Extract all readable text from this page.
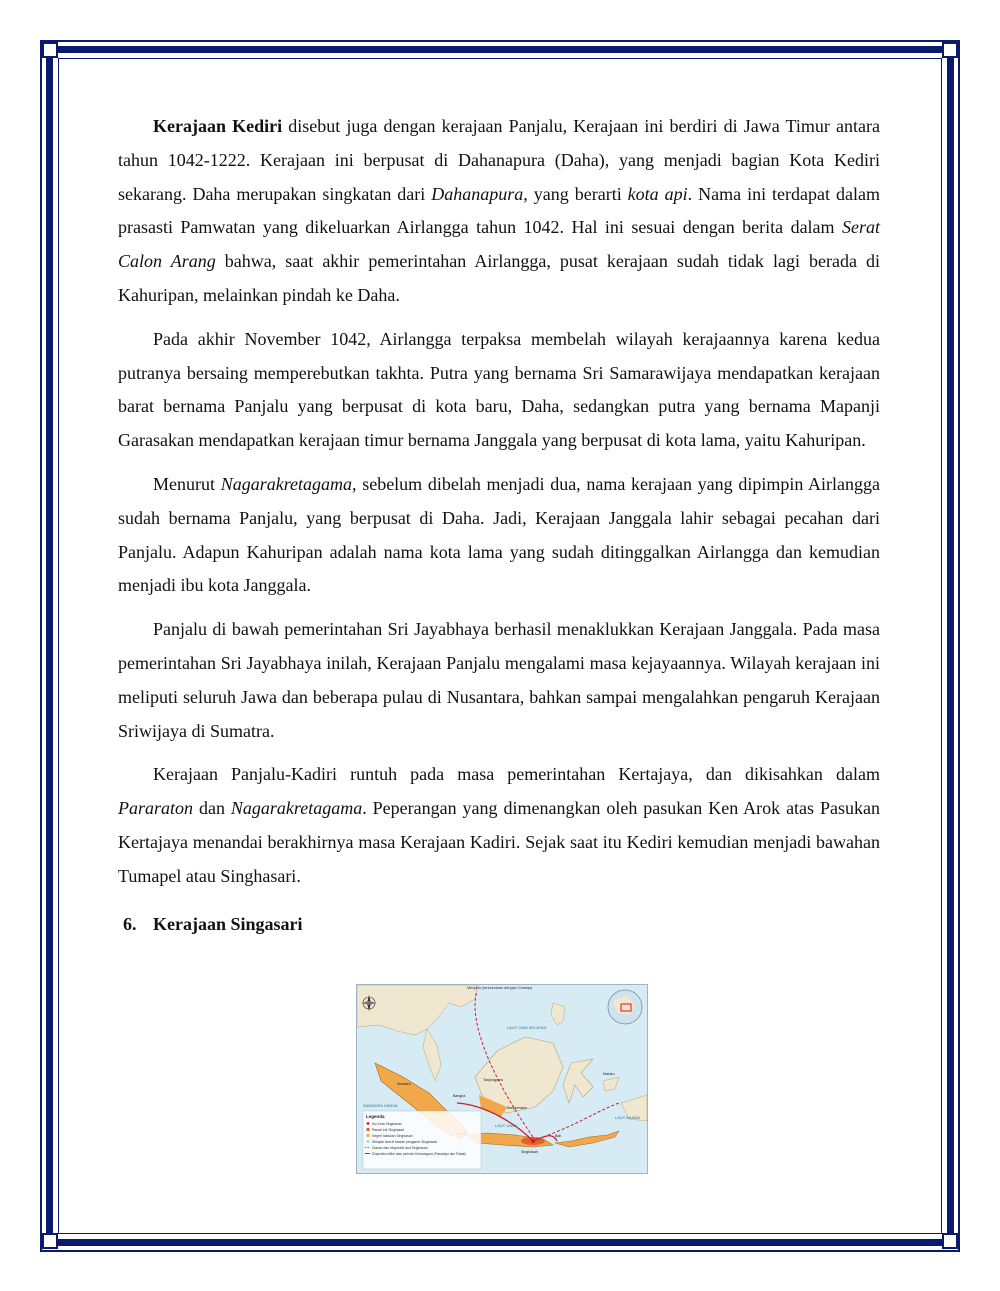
Kerajaan Kediri disebut juga dengan kerajaan Panjalu, Kerajaan ini berdiri di Jawa Timur antara tahun 1042-1222. Kerajaan ini berpusat di Dahanapura (Daha), yang menjadi bagian Kota Kediri sekarang. Daha merupakan singkatan dari Dahanapura, yang berarti kota api. Nama ini terdapat dalam prasasti Pamwatan yang dikeluarkan Airlangga tahun 1042. Hal ini sesuai dengan berita dalam Serat Calon Arang bahwa, saat akhir pemerintahan Airlangga, pusat kerajaan sudah tidak lagi berada di Kahuripan, melainkan pindah ke Daha.

Pada akhir November 1042, Airlangga terpaksa membelah wilayah kerajaannya karena kedua putranya bersaing memperebutkan takhta. Putra yang bernama Sri Samarawijaya mendapatkan kerajaan barat bernama Panjalu yang berpusat di kota baru, Daha, sedangkan putra yang bernama Mapanji Garasakan mendapatkan kerajaan timur bernama Janggala yang berpusat di kota lama, yaitu Kahuripan.

Menurut Nagarakretagama, sebelum dibelah menjadi dua, nama kerajaan yang dipimpin Airlangga sudah bernama Panjalu, yang berpusat di Daha. Jadi, Kerajaan Janggala lahir sebagai pecahan dari Panjalu. Adapun Kahuripan adalah nama kota lama yang sudah ditinggalkan Airlangga dan kemudian menjadi ibu kota Janggala.

Panjalu di bawah pemerintahan Sri Jayabhaya berhasil menaklukkan Kerajaan Janggala. Pada masa pemerintahan Sri Jayabhaya inilah, Kerajaan Panjalu mengalami masa kejayaannya. Wilayah kerajaan ini meliputi seluruh Jawa dan beberapa pulau di Nusantara, bahkan sampai mengalahkan pengaruh Kerajaan Sriwijaya di Sumatra.

Kerajaan Panjalu-Kadiri runtuh pada masa pemerintahan Kertajaya, dan dikisahkan dalam Pararaton dan Nagarakretagama. Peperangan yang dimenangkan oleh pasukan Ken Arok atas Pasukan Kertajaya menandai berakhirnya masa Kerajaan Kadiri. Sejak saat itu Kediri kemudian menjadi bawahan Tumapel atau Singhasari.

6. Kerajaan Singasari
Menjalin persekutuan dengan Champa
LAUT CINA SELATAN
LAUT JAWA
SAMUDRA HINDIA
LAUT BANDA
Sumatra
Bangka
Singhasari
Bali
Tanjungpura
Maluku
Banjarmasin
Legenda
Ibu Kota Singhasari
Ranah inti Singhasari
Negeri taklukan Singhasari
Wilayah laut di bawah pengaruh Singhasari
Ulasan dan ekspedisi laut Singhasari
Ekspedisi militer atas perintah Kertanegara (Pamalayu dan Pabali)
